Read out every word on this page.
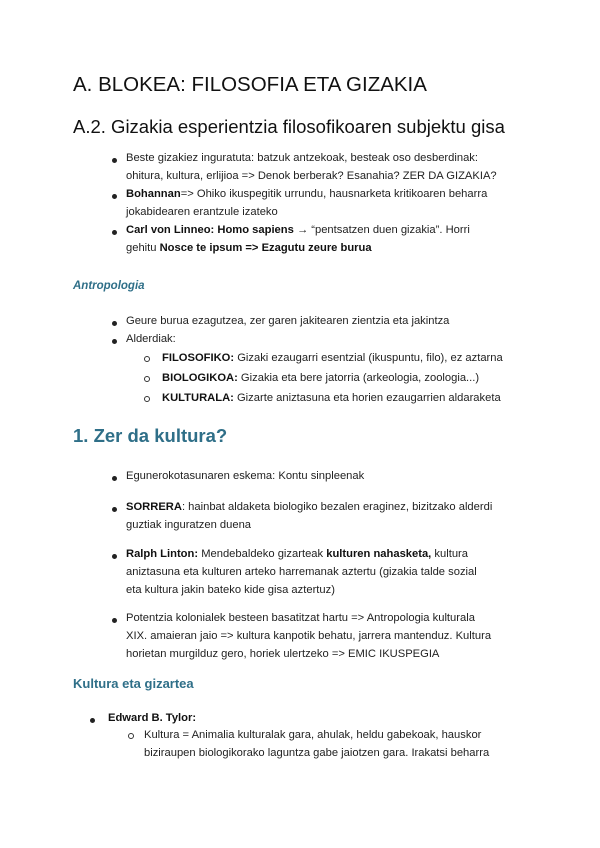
A. BLOKEA: FILOSOFIA ETA GIZAKIA
A.2. Gizakia esperientzia filosofikoaren subjektu gisa
Beste gizakiez inguratuta: batzuk antzekoak, besteak oso desberdinak:
ohitura, kultura, erlijioa => Denok berberak? Esanahia? ZER DA GIZAKIA?
Bohannan=> Ohiko ikuspegitik urrundu, hausnarketa kritikoaren beharra
jokabidearen erantzule izateko
Carl von Linneo: Homo sapiens → “pentsatzen duen gizakia”. Horri
gehitu Nosce te ipsum => Ezagutu zeure burua
Antropologia
Geure burua ezagutzea, zer garen jakitearen zientzia eta jakintza
Alderdiak:
FILOSOFIKO: Gizaki ezaugarri esentzial (ikuspuntu, filo), ez aztarna
BIOLOGIKOA: Gizakia eta bere jatorria (arkeologia, zoologia...)
KULTURALA: Gizarte aniztasuna eta horien ezaugarrien aldaraketa
1. Zer da kultura?
Egunerokotasunaren eskema: Kontu sinpleenak
SORRERA: hainbat aldaketa biologiko bezalen eraginez, bizitzako alderdi
guztiak inguratzen duena
Ralph Linton: Mendebaldeko gizarteak kulturen nahasketa, kultura
aniztasuna eta kulturen arteko harremanak aztertu (gizakia talde sozial
eta kultura jakin bateko kide gisa aztertuz)
Potentzia kolonialek besteen basatitzat hartu => Antropologia kulturala
XIX. amaieran jaio => kultura kanpotik behatu, jarrera mantenduz. Kultura
horietan murgilduz gero, horiek ulertzeko => EMIC IKUSPEGIA
Kultura eta gizartea
Edward B. Tylor:
Kultura = Animalia kulturalak gara, ahulak, heldu gabekoak, hauskor
biziraupen biologikorako laguntza gabe jaiotzen gara. Irakatsi beharra
